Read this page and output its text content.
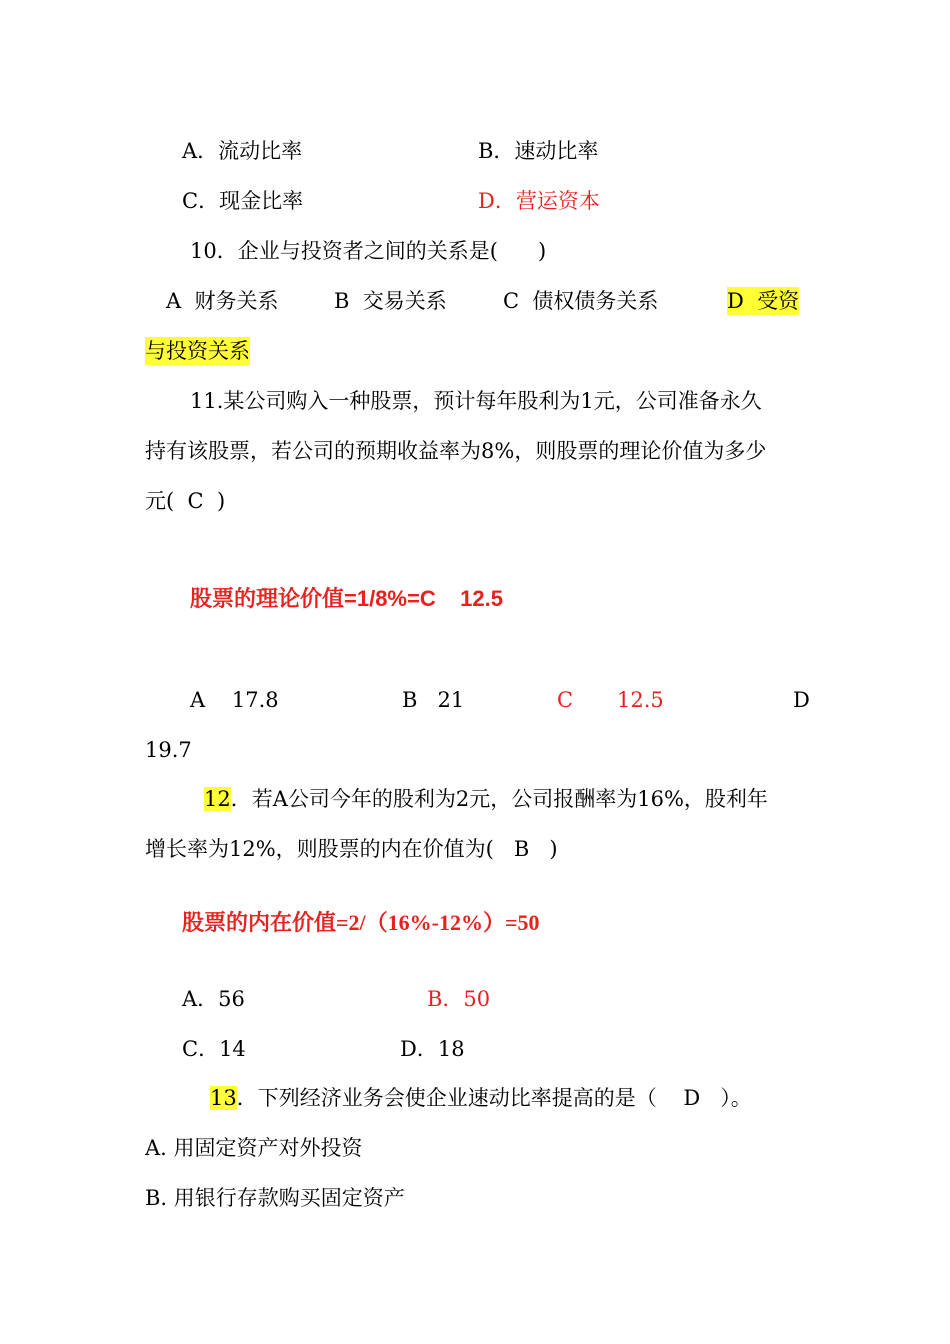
A．流动比率	B．速动比率
C．现金比率	D．营运资本
10．企业与投资者之间的关系是(      )
A  财务关系	B  交易关系	C  债权债务关系	D  受资
与投资关系
11.某公司购入一种股票，预计每年股利为1元，公司准备永久
持有该股票，若公司的预期收益率为8%，则股票的理论价值为多少
元(  C  )
股票的理论价值=1/8%=C    12.5
A    17.8	B   21	C 12.5	D
19.7
12．若A公司今年的股利为2元，公司报酬率为16%，股利年
增长率为12%，则股票的内在价值为(   B   )
股票的内在价值=2/（16%-12%）=50
A．56	B．50
C．14	D．18
13．下列经济业务会使企业速动比率提高的是（    D   ）。
A. 用固定资产对外投资
B. 用银行存款购买固定资产
